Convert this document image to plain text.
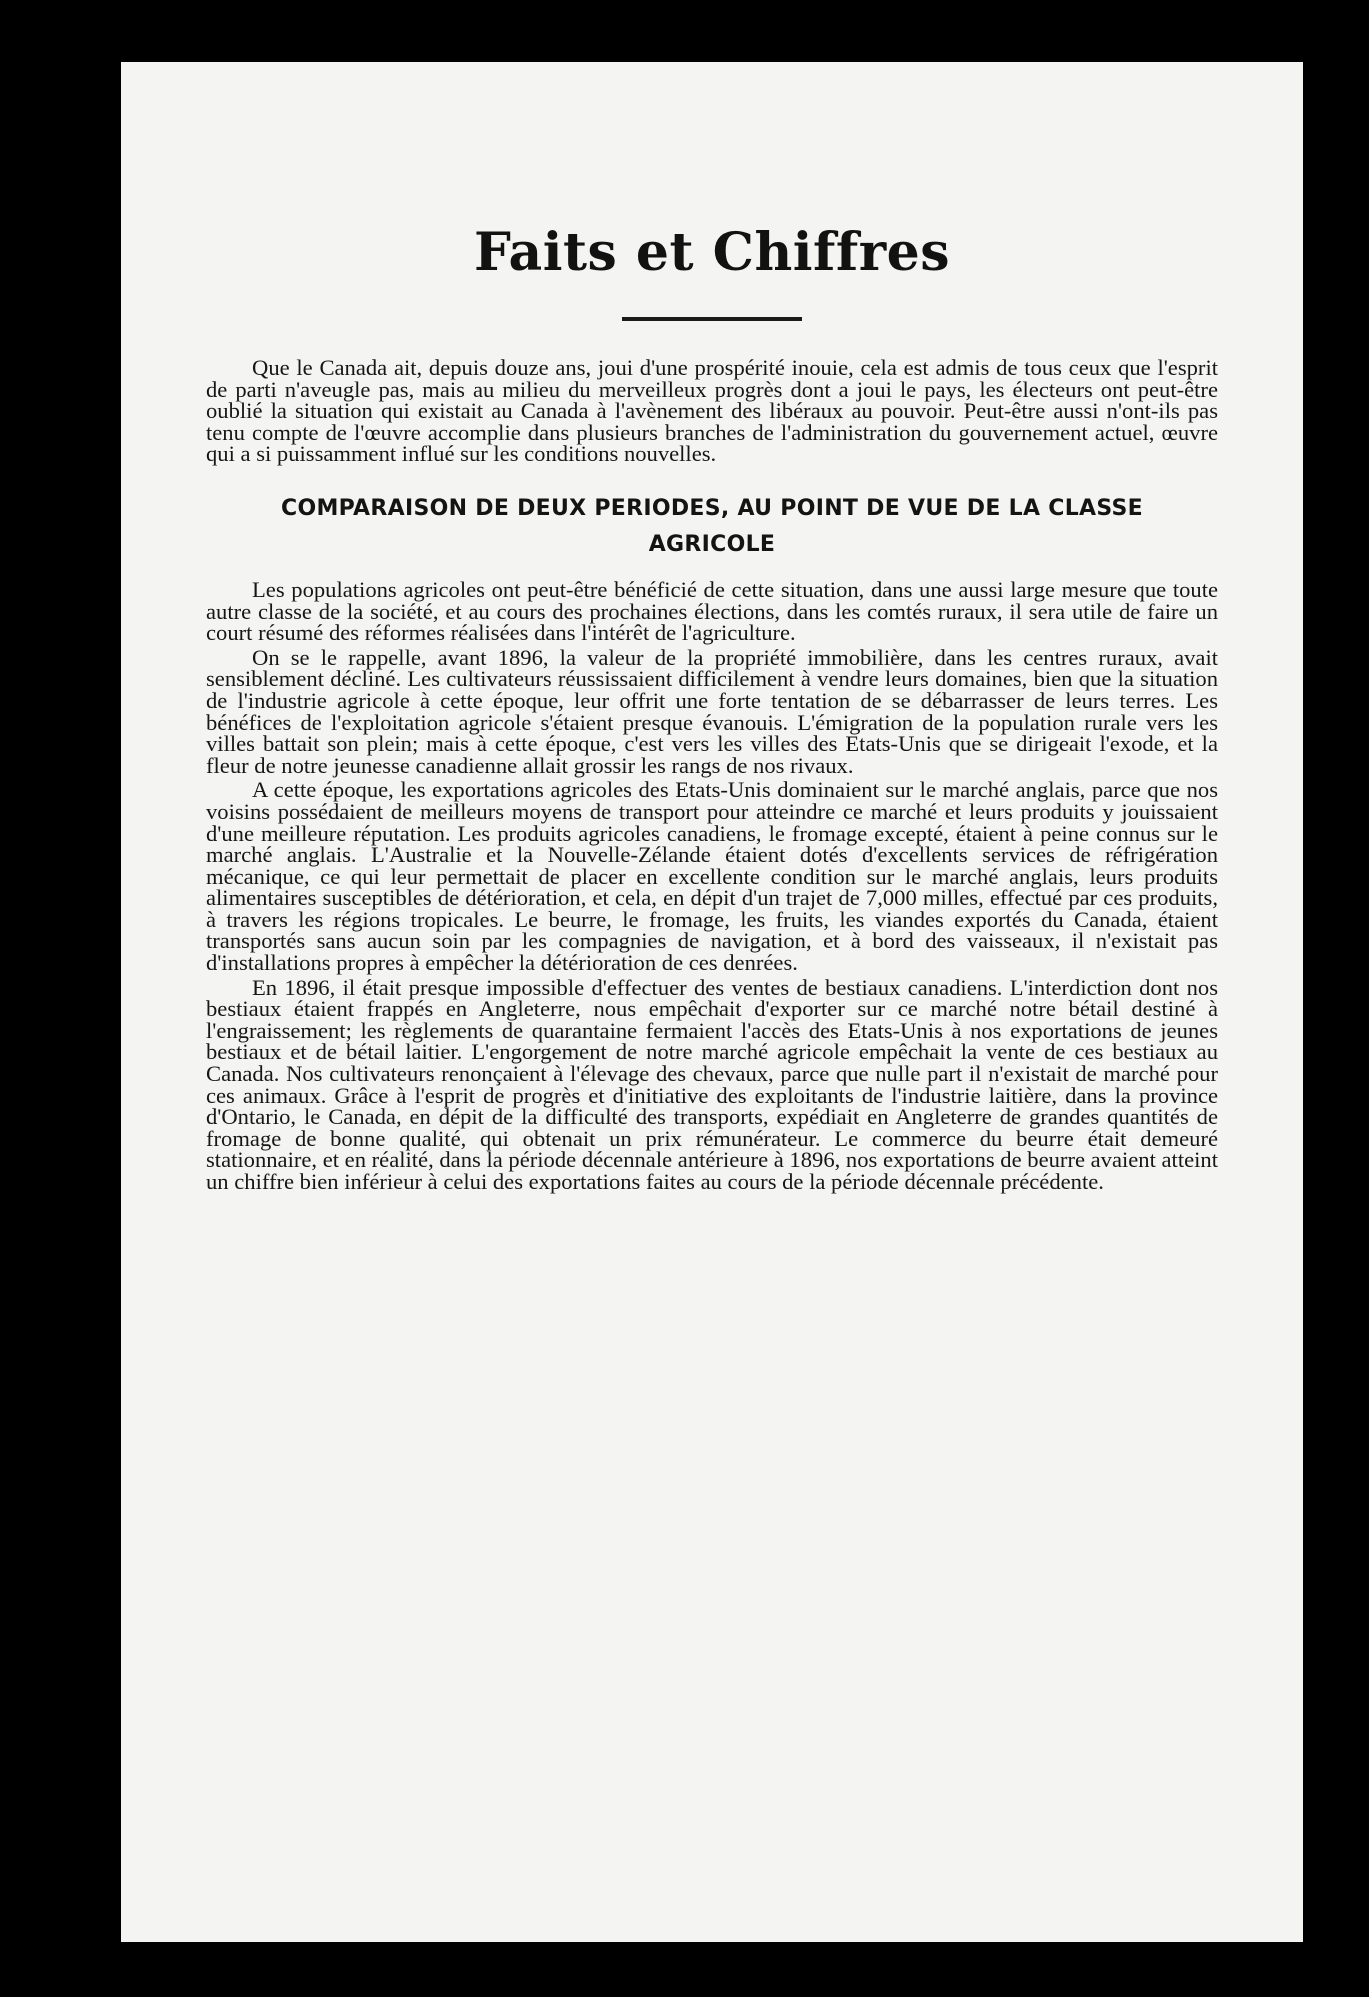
Faits et Chiffres

Que le Canada ait, depuis douze ans, joui d'une prospérité inouie, cela est admis de tous ceux que l'esprit de parti n'aveugle pas, mais au milieu du merveilleux progrès dont a joui le pays, les électeurs ont peut-être oublié la situation qui existait au Canada à l'avènement des libéraux au pouvoir. Peut-être aussi n'ont-ils pas tenu compte de l'œuvre accomplie dans plusieurs branches de l'administration du gouvernement actuel, œuvre qui a si puissamment influé sur les conditions nouvelles.

COMPARAISON DE DEUX PERIODES, AU POINT DE VUE DE LA CLASSE
AGRICOLE

Les populations agricoles ont peut-être bénéficié de cette situation, dans une aussi large mesure que toute autre classe de la société, et au cours des prochaines élections, dans les comtés ruraux, il sera utile de faire un court résumé des réformes réalisées dans l'intérêt de l'agriculture.

On se le rappelle, avant 1896, la valeur de la propriété immobilière, dans les centres ruraux, avait sensiblement décliné. Les cultivateurs réussissaient difficilement à vendre leurs domaines, bien que la situation de l'industrie agricole à cette époque, leur offrit une forte tentation de se débarrasser de leurs terres. Les bénéfices de l'exploitation agricole s'étaient presque évanouis. L'émigration de la population rurale vers les villes battait son plein; mais à cette époque, c'est vers les villes des Etats-Unis que se dirigeait l'exode, et la fleur de notre jeunesse canadienne allait grossir les rangs de nos rivaux.

A cette époque, les exportations agricoles des Etats-Unis dominaient sur le marché anglais, parce que nos voisins possédaient de meilleurs moyens de transport pour atteindre ce marché et leurs produits y jouissaient d'une meilleure réputation. Les produits agricoles canadiens, le fromage excepté, étaient à peine connus sur le marché anglais. L'Australie et la Nouvelle-Zélande étaient dotés d'excellents services de réfrigération mécanique, ce qui leur permettait de placer en excellente condition sur le marché anglais, leurs produits alimentaires susceptibles de détérioration, et cela, en dépit d'un trajet de 7,000 milles, effectué par ces produits, à travers les régions tropicales. Le beurre, le fromage, les fruits, les viandes exportés du Canada, étaient transportés sans aucun soin par les compagnies de navigation, et à bord des vaisseaux, il n'existait pas d'installations propres à empêcher la détérioration de ces denrées.

En 1896, il était presque impossible d'effectuer des ventes de bestiaux canadiens. L'interdiction dont nos bestiaux étaient frappés en Angleterre, nous empêchait d'exporter sur ce marché notre bétail destiné à l'engraissement; les règlements de quarantaine fermaient l'accès des Etats-Unis à nos exportations de jeunes bestiaux et de bétail laitier. L'engorgement de notre marché agricole empêchait la vente de ces bestiaux au Canada. Nos cultivateurs renonçaient à l'élevage des chevaux, parce que nulle part il n'existait de marché pour ces animaux. Grâce à l'esprit de progrès et d'initiative des exploitants de l'industrie laitière, dans la province d'Ontario, le Canada, en dépit de la difficulté des transports, expédiait en Angleterre de grandes quantités de fromage de bonne qualité, qui obtenait un prix rémunérateur. Le commerce du beurre était demeuré stationnaire, et en réalité, dans la période décennale antérieure à 1896, nos exportations de beurre avaient atteint un chiffre bien inférieur à celui des exportations faites au cours de la période décennale précédente.
